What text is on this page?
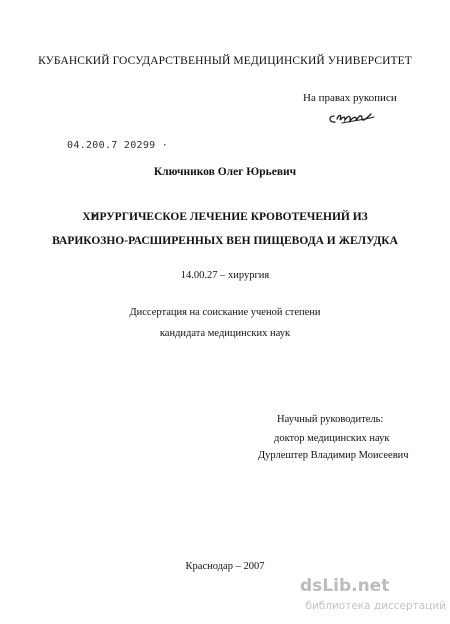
КУБАНСКИЙ ГОСУДАРСТВЕННЫЙ МЕДИЦИНСКИЙ УНИВЕРСИТЕТ
На правах рукописи
04.200.7 20299 ·
Ключников Олег Юрьевич
ХИРУРГИЧЕСКОЕ ЛЕЧЕНИЕ КРОВОТЕЧЕНИЙ ИЗ
ВАРИКОЗНО-РАСШИРЕННЫХ ВЕН ПИЩЕВОДА И ЖЕЛУДКА
14.00.27 – хирургия
Диссертация на соискание ученой степени
кандидата медицинских наук
Научный руководитель:
доктор медицинских наук
Дурлештер Владимир Моисеевич
Краснодар – 2007
dsLib.net
библиотека диссертаций
